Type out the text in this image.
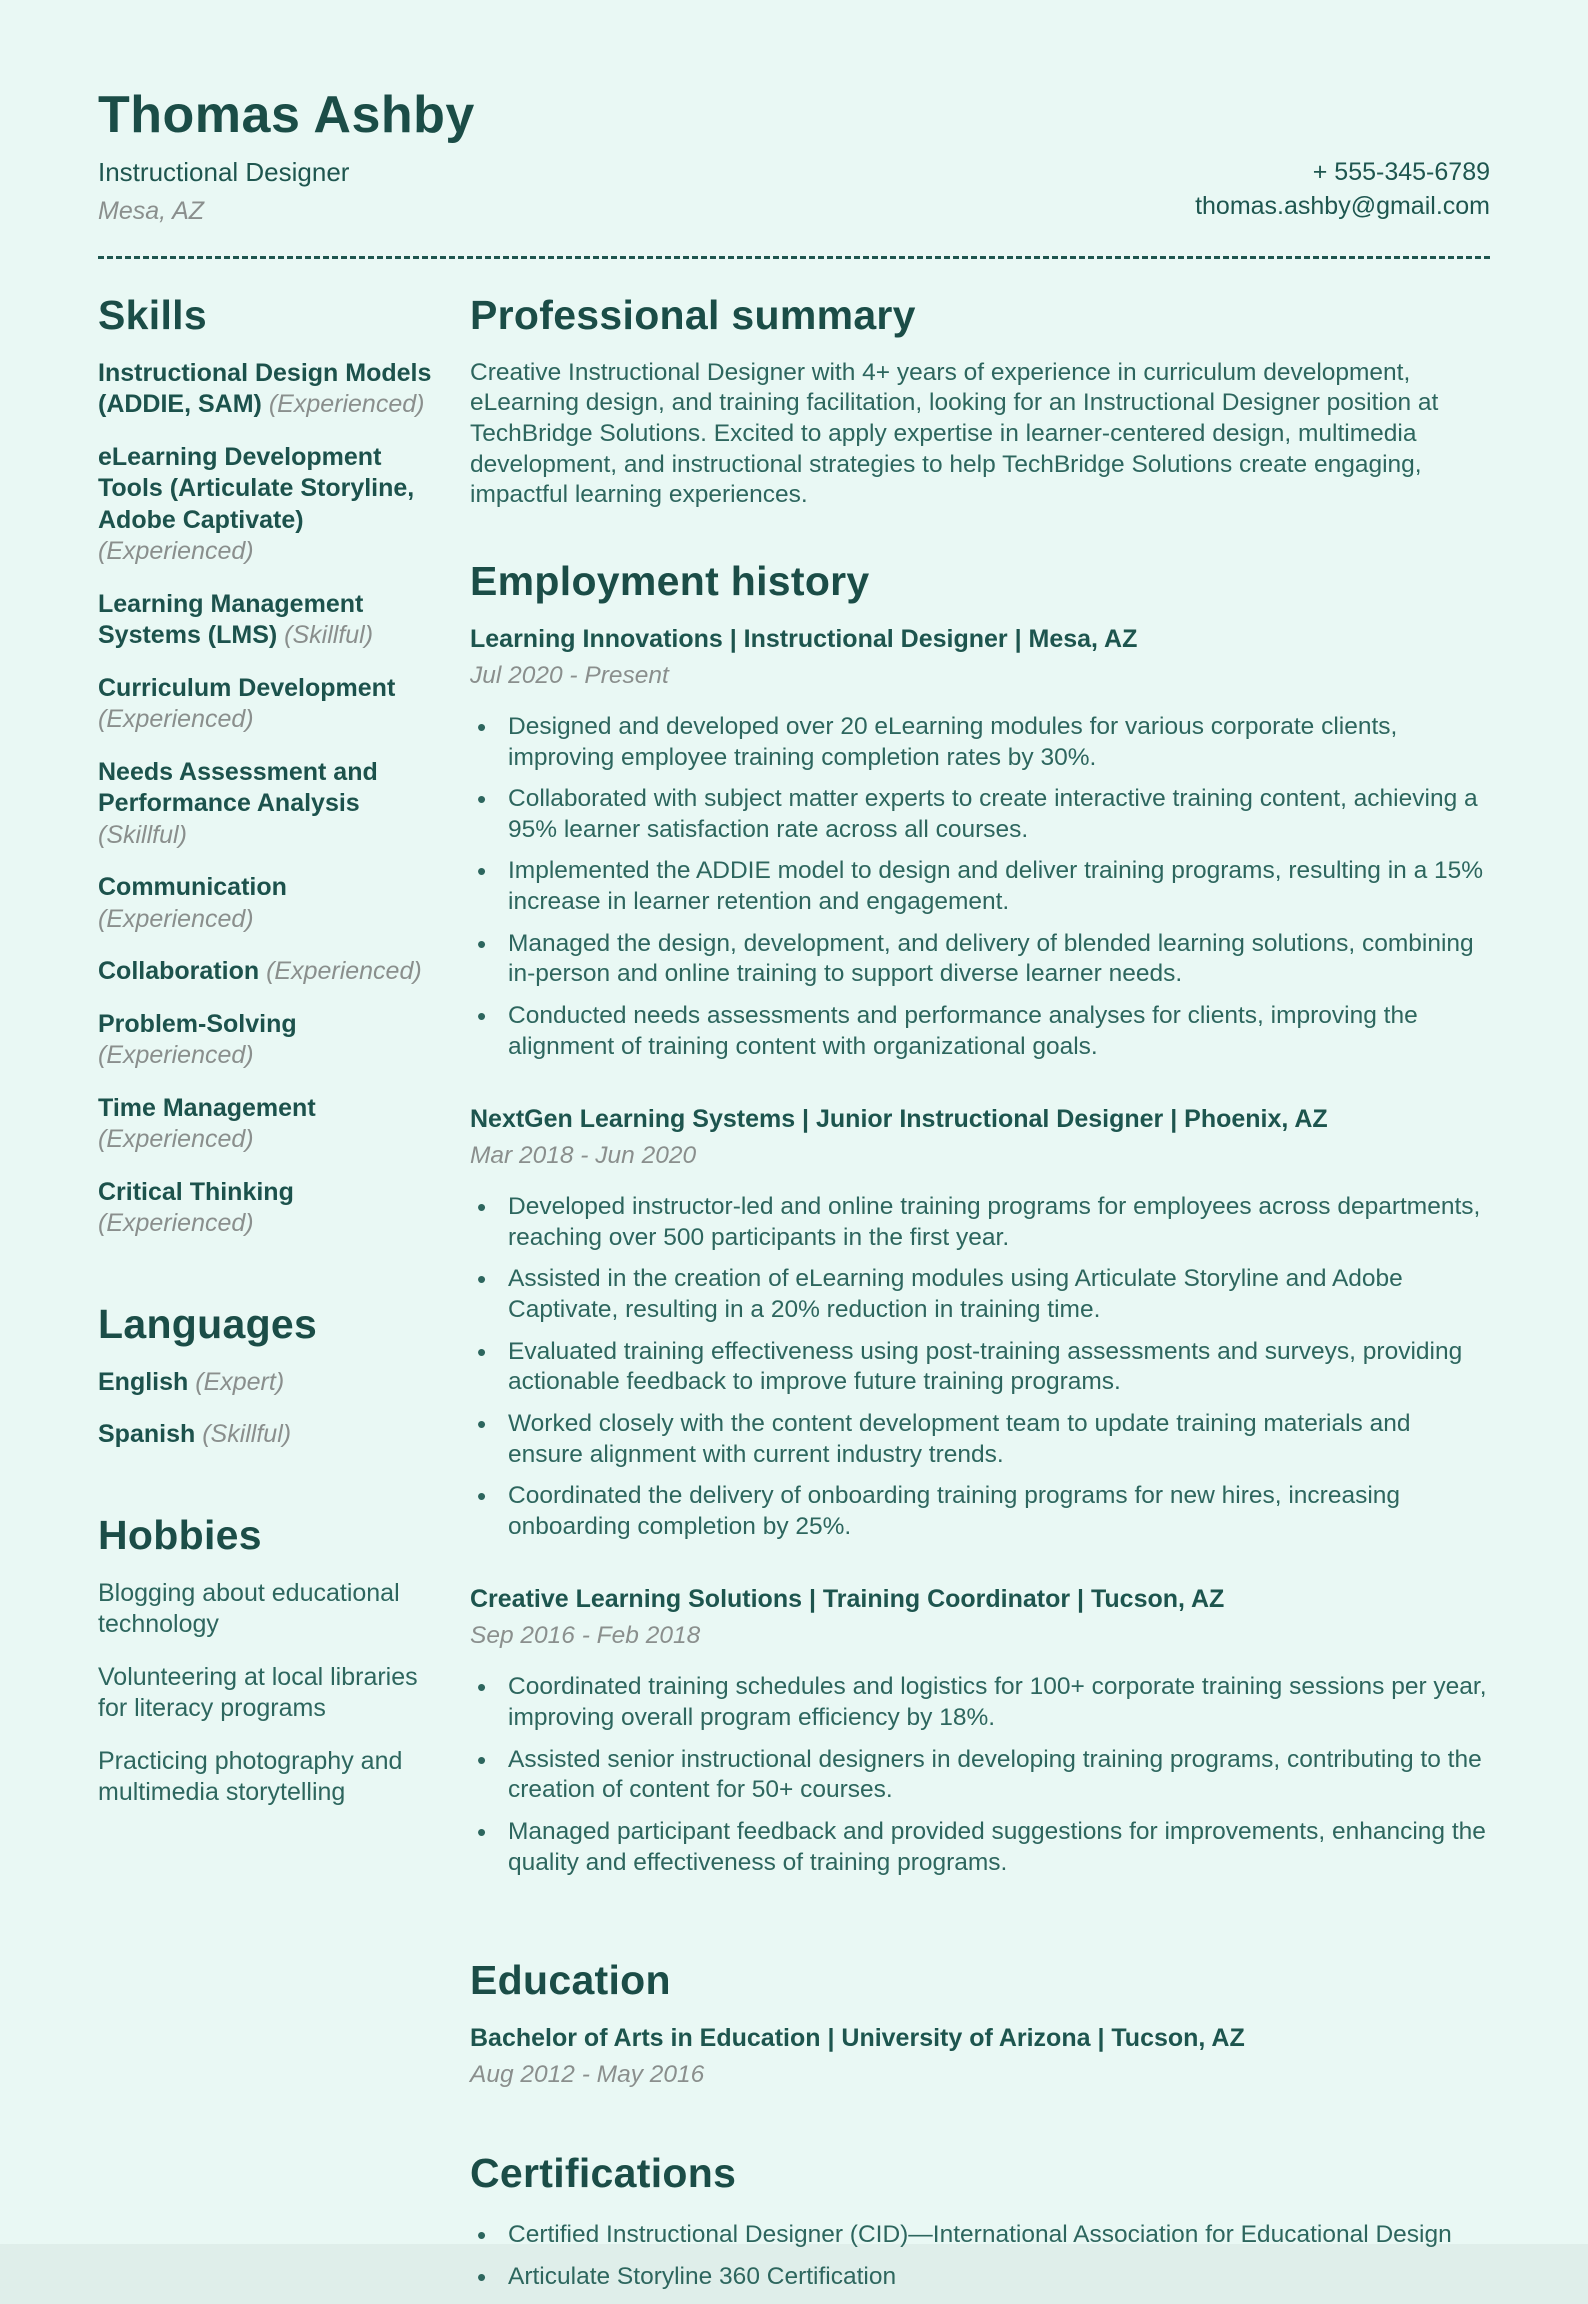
Thomas Ashby
Instructional Designer
Mesa, AZ
+ 555-345-6789
thomas.ashby@gmail.com
Skills

Instructional Design Models (ADDIE, SAM) (Experienced)

eLearning Development Tools (Articulate Storyline, Adobe Captivate) (Experienced)

Learning Management Systems (LMS) (Skillful)

Curriculum Development (Experienced)

Needs Assessment and Performance Analysis (Skillful)

Communication (Experienced)

Collaboration (Experienced)

Problem-Solving (Experienced)

Time Management (Experienced)

Critical Thinking (Experienced)

Languages

English (Expert)

Spanish (Skillful)

Hobbies

Blogging about educational technology

Volunteering at local libraries for literacy programs

Practicing photography and multimedia storytelling

Professional summary

Creative Instructional Designer with 4+ years of experience in curriculum development, eLearning design, and training facilitation, looking for an Instructional Designer position at TechBridge Solutions. Excited to apply expertise in learner-centered design, multimedia development, and instructional strategies to help TechBridge Solutions create engaging, impactful learning experiences.

Employment history

Learning Innovations | Instructional Designer | Mesa, AZ

Jul 2020 - Present

• Designed and developed over 20 eLearning modules for various corporate clients, improving employee training completion rates by 30%.
• Collaborated with subject matter experts to create interactive training content, achieving a 95% learner satisfaction rate across all courses.
• Implemented the ADDIE model to design and deliver training programs, resulting in a 15% increase in learner retention and engagement.
• Managed the design, development, and delivery of blended learning solutions, combining in-person and online training to support diverse learner needs.
• Conducted needs assessments and performance analyses for clients, improving the alignment of training content with organizational goals.

NextGen Learning Systems | Junior Instructional Designer | Phoenix, AZ

Mar 2018 - Jun 2020

• Developed instructor-led and online training programs for employees across departments, reaching over 500 participants in the first year.
• Assisted in the creation of eLearning modules using Articulate Storyline and Adobe Captivate, resulting in a 20% reduction in training time.
• Evaluated training effectiveness using post-training assessments and surveys, providing actionable feedback to improve future training programs.
• Worked closely with the content development team to update training materials and ensure alignment with current industry trends.
• Coordinated the delivery of onboarding training programs for new hires, increasing onboarding completion by 25%.

Creative Learning Solutions | Training Coordinator | Tucson, AZ

Sep 2016 - Feb 2018

• Coordinated training schedules and logistics for 100+ corporate training sessions per year, improving overall program efficiency by 18%.
• Assisted senior instructional designers in developing training programs, contributing to the creation of content for 50+ courses.
• Managed participant feedback and provided suggestions for improvements, enhancing the quality and effectiveness of training programs.
Education

Bachelor of Arts in Education | University of Arizona | Tucson, AZ

Aug 2012 - May 2016

Certifications
• Certified Instructional Designer (CID)—International Association for Educational Design
• Articulate Storyline 360 Certification
